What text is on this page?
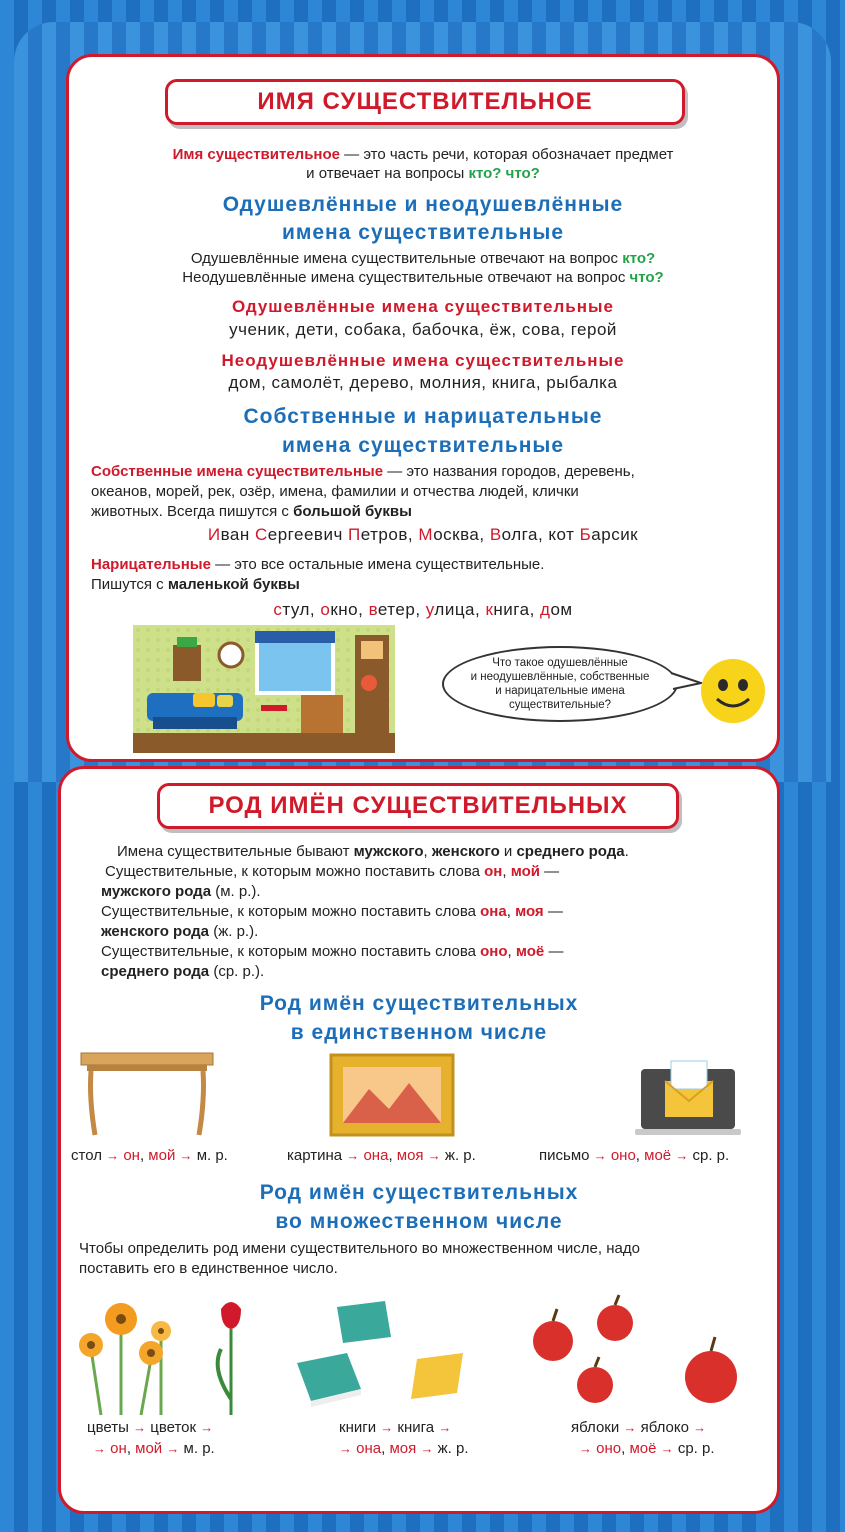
ИМЯ СУЩЕСТВИТЕЛЬНОЕ
Имя существительное — это часть речи, которая обозначает предмет
и отвечает на вопросы кто? что?
Одушевлённые и неодушевлённые
имена существительные
Одушевлённые имена существительные отвечают на вопрос кто?
Неодушевлённые имена существительные отвечают на вопрос что?
Одушевлённые имена существительные
ученик, дети, собака, бабочка, ёж, сова, герой
Неодушевлённые имена существительные
дом, самолёт, дерево, молния, книга, рыбалка
Собственные и нарицательные
имена существительные
Собственные имена существительные — это названия городов, деревень,
океанов, морей, рек, озёр, имена, фамилии и отчества людей, клички
животных. Всегда пишутся с большой буквы
Иван Сергеевич Петров, Москва, Волга, кот Барсик
Нарицательные — это все остальные имена существительные.
Пишутся с маленькой буквы
стул, окно, ветер, улица, книга, дом
Что такое одушевлённые
и неодушевлённые, собственные
и нарицательные имена
существительные?
РОД ИМЁН СУЩЕСТВИТЕЛЬНЫХ
Имена существительные бывают мужского, женского и среднего рода.
Существительные, к которым можно поставить слова он, мой —
мужского рода (м. р.).
Существительные, к которым можно поставить слова она, моя —
женского рода (ж. р.).
Существительные, к которым можно поставить слова оно, моё —
среднего рода (ср. р.).
Род имён существительных
в единственном числе
стол → он, мой → м. р.	картина → она, моя → ж. р.	письмо → оно, моё → ср. р.
Род имён существительных
во множественном числе
Чтобы определить род имени существительного во множественном числе, надо
поставить его в единственное число.
цветы → цветок →
→ он, мой → м. р.
книги → книга →
→ она, моя → ж. р.
яблоки → яблоко →
→ оно, моё → ср. р.
